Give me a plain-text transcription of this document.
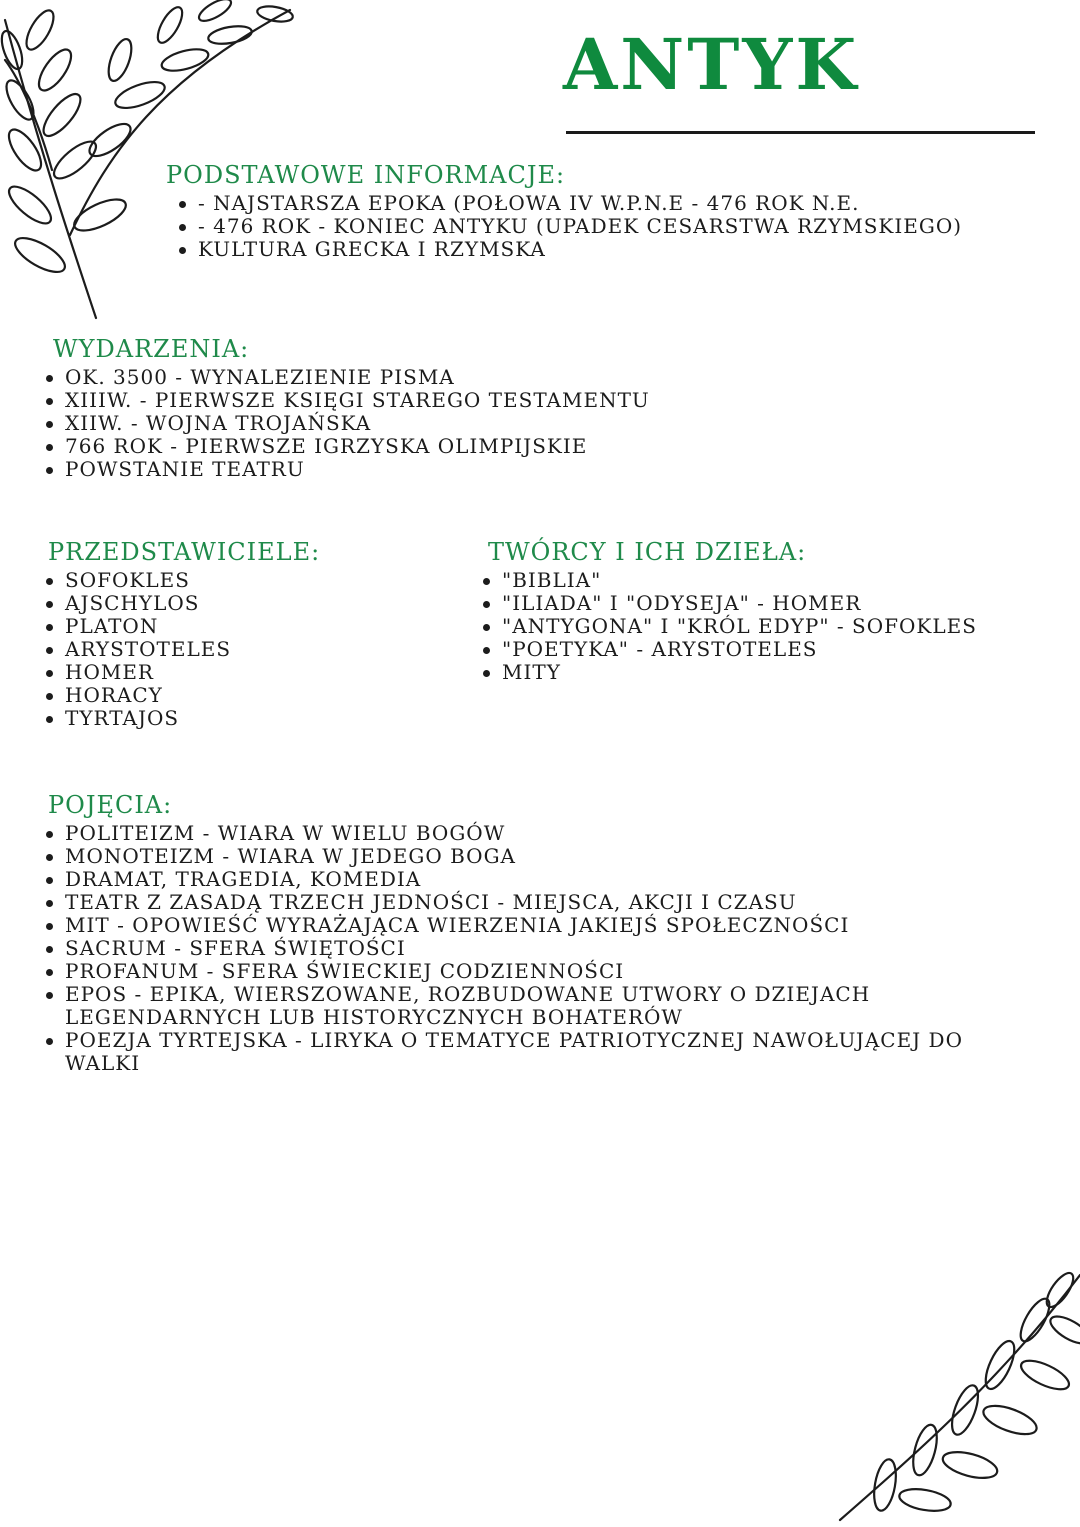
ANTYK
PODSTAWOWE INFORMACJE:
- NAJSTARSZA EPOKA (POŁOWA IV W.P.N.E - 476 ROK N.E.
- 476 ROK - KONIEC ANTYKU (UPADEK CESARSTWA RZYMSKIEGO)
KULTURA GRECKA I RZYMSKA
WYDARZENIA:
OK. 3500 - WYNALEZIENIE PISMA
XIIIW. - PIERWSZE KSIĘGI STAREGO TESTAMENTU
XIIW. - WOJNA TROJAŃSKA
766 ROK - PIERWSZE IGRZYSKA OLIMPIJSKIE
POWSTANIE TEATRU
PRZEDSTAWICIELE:
SOFOKLES
AJSCHYLOS
PLATON
ARYSTOTELES
HOMER
HORACY
TYRTAJOS
TWÓRCY I ICH DZIEŁA:
"BIBLIA"
"ILIADA" I "ODYSEJA" - HOMER
"ANTYGONA" I "KRÓL EDYP" - SOFOKLES
"POETYKA" - ARYSTOTELES
MITY
POJĘCIA:
POLITEIZM - WIARA W WIELU BOGÓW
MONOTEIZM - WIARA W JEDEGO BOGA
DRAMAT, TRAGEDIA, KOMEDIA
TEATR Z ZASADĄ TRZECH JEDNOŚCI - MIEJSCA, AKCJI I CZASU
MIT - OPOWIEŚĆ WYRAŻAJĄCA WIERZENIA JAKIEJŚ SPOŁECZNOŚCI
SACRUM - SFERA ŚWIĘTOŚCI
PROFANUM - SFERA ŚWIECKIEJ CODZIENNOŚCI
EPOS - EPIKA, WIERSZOWANE, ROZBUDOWANE UTWORY O DZIEJACH LEGENDARNYCH LUB HISTORYCZNYCH BOHATERÓW
POEZJA TYRTEJSKA - LIRYKA O TEMATYCE PATRIOTYCZNEJ NAWOŁUJĄCEJ DO WALKI
